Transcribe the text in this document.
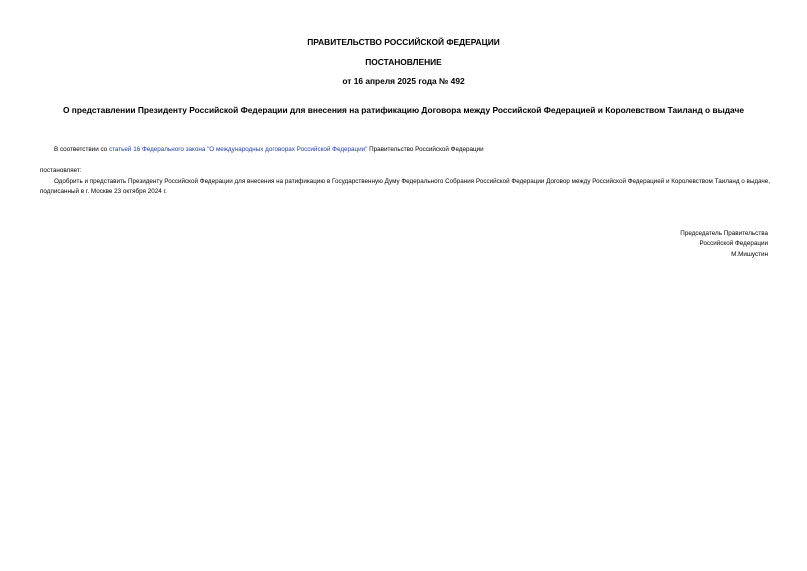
ПРАВИТЕЛЬСТВО РОССИЙСКОЙ ФЕДЕРАЦИИ
ПОСТАНОВЛЕНИЕ
от 16 апреля 2025 года № 492
О представлении Президенту Российской Федерации для внесения на ратификацию Договора между Российской Федерацией и Королевством Таиланд о выдаче
В соответствии со статьей 16 Федерального закона "О международных договорах Российской Федерации" Правительство Российской Федерации
постановляет:
Одобрить и представить Президенту Российской Федерации для внесения на ратификацию в Государственную Думу Федерального Собрания Российской Федерации Договор между Российской Федерацией и Королевством Таиланд о выдаче, подписанный в г. Москве 23 октября 2024 г.
Председатель Правительства
Российской Федерации
М.Мишустин
